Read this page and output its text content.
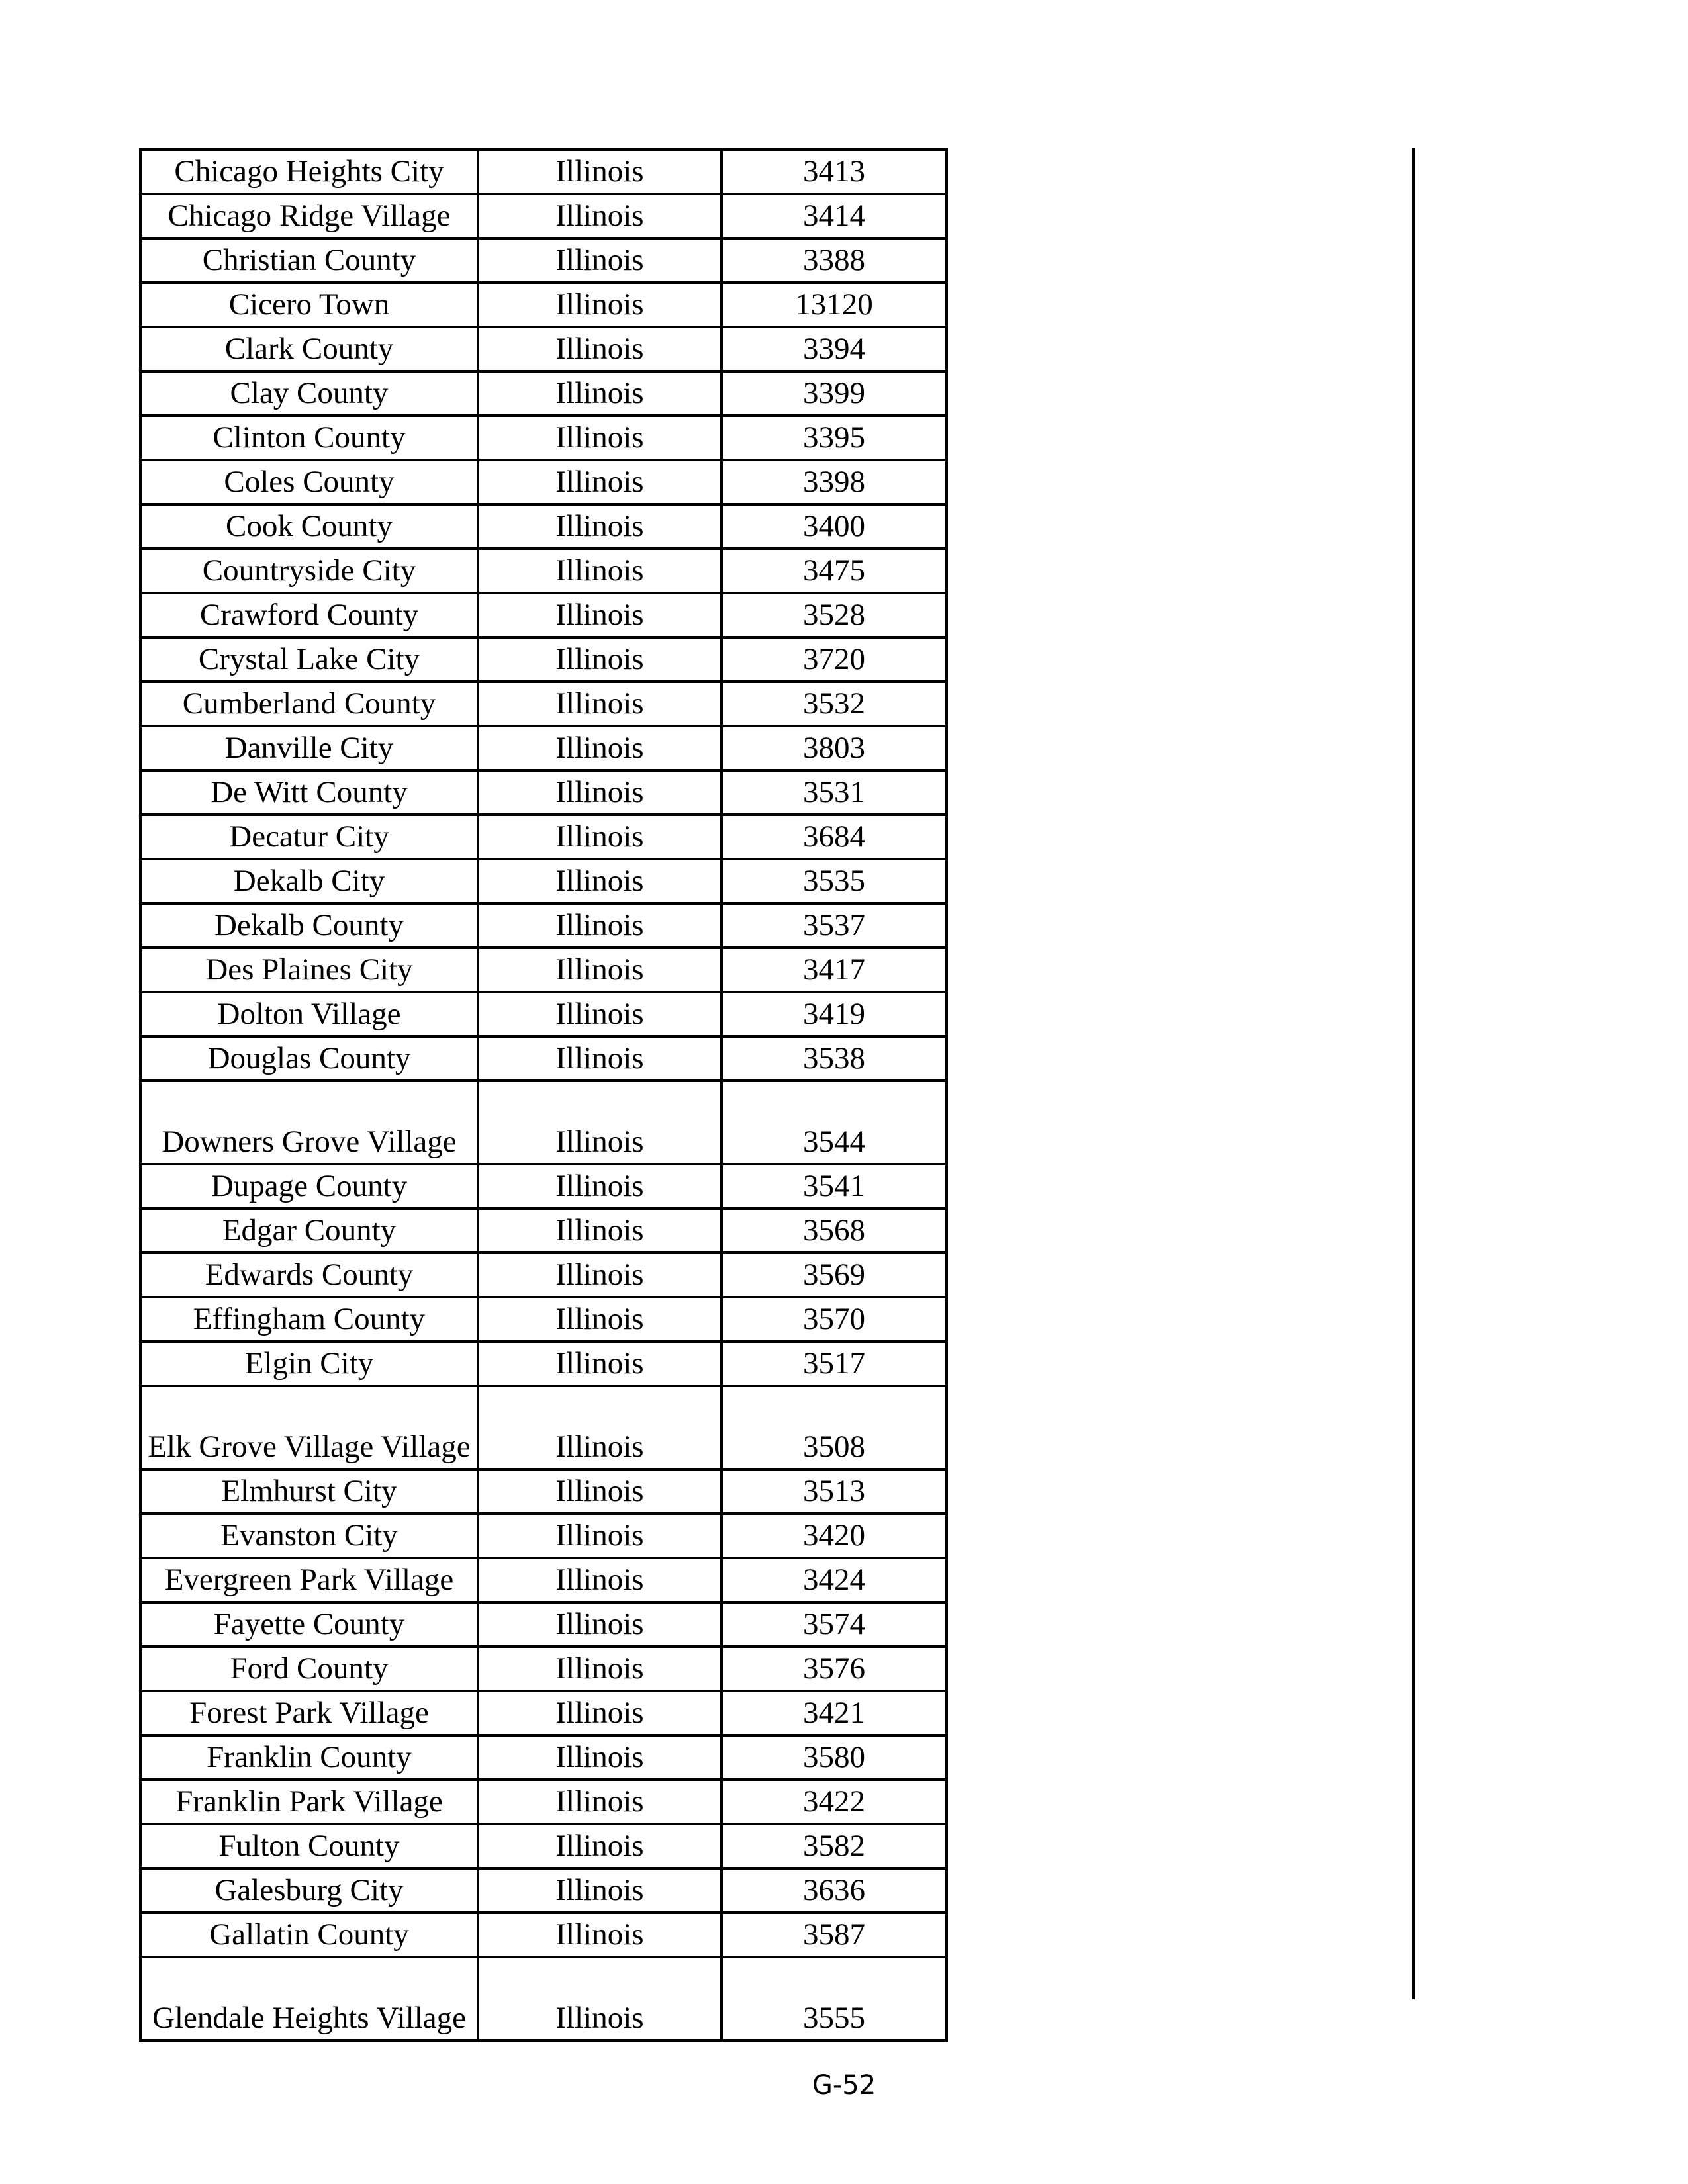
Chicago Heights City	Illinois	3413
Chicago Ridge Village	Illinois	3414
Christian County	Illinois	3388
Cicero Town	Illinois	13120
Clark County	Illinois	3394
Clay County	Illinois	3399
Clinton County	Illinois	3395
Coles County	Illinois	3398
Cook County	Illinois	3400
Countryside City	Illinois	3475
Crawford County	Illinois	3528
Crystal Lake City	Illinois	3720
Cumberland County	Illinois	3532
Danville City	Illinois	3803
De Witt County	Illinois	3531
Decatur City	Illinois	3684
Dekalb City	Illinois	3535
Dekalb County	Illinois	3537
Des Plaines City	Illinois	3417
Dolton Village	Illinois	3419
Douglas County	Illinois	3538
Downers Grove Village	Illinois	3544
Dupage County	Illinois	3541
Edgar County	Illinois	3568
Edwards County	Illinois	3569
Effingham County	Illinois	3570
Elgin City	Illinois	3517
Elk Grove Village Village	Illinois	3508
Elmhurst City	Illinois	3513
Evanston City	Illinois	3420
Evergreen Park Village	Illinois	3424
Fayette County	Illinois	3574
Ford County	Illinois	3576
Forest Park Village	Illinois	3421
Franklin County	Illinois	3580
Franklin Park Village	Illinois	3422
Fulton County	Illinois	3582
Galesburg City	Illinois	3636
Gallatin County	Illinois	3587
Glendale Heights Village	Illinois	3555
G-52
